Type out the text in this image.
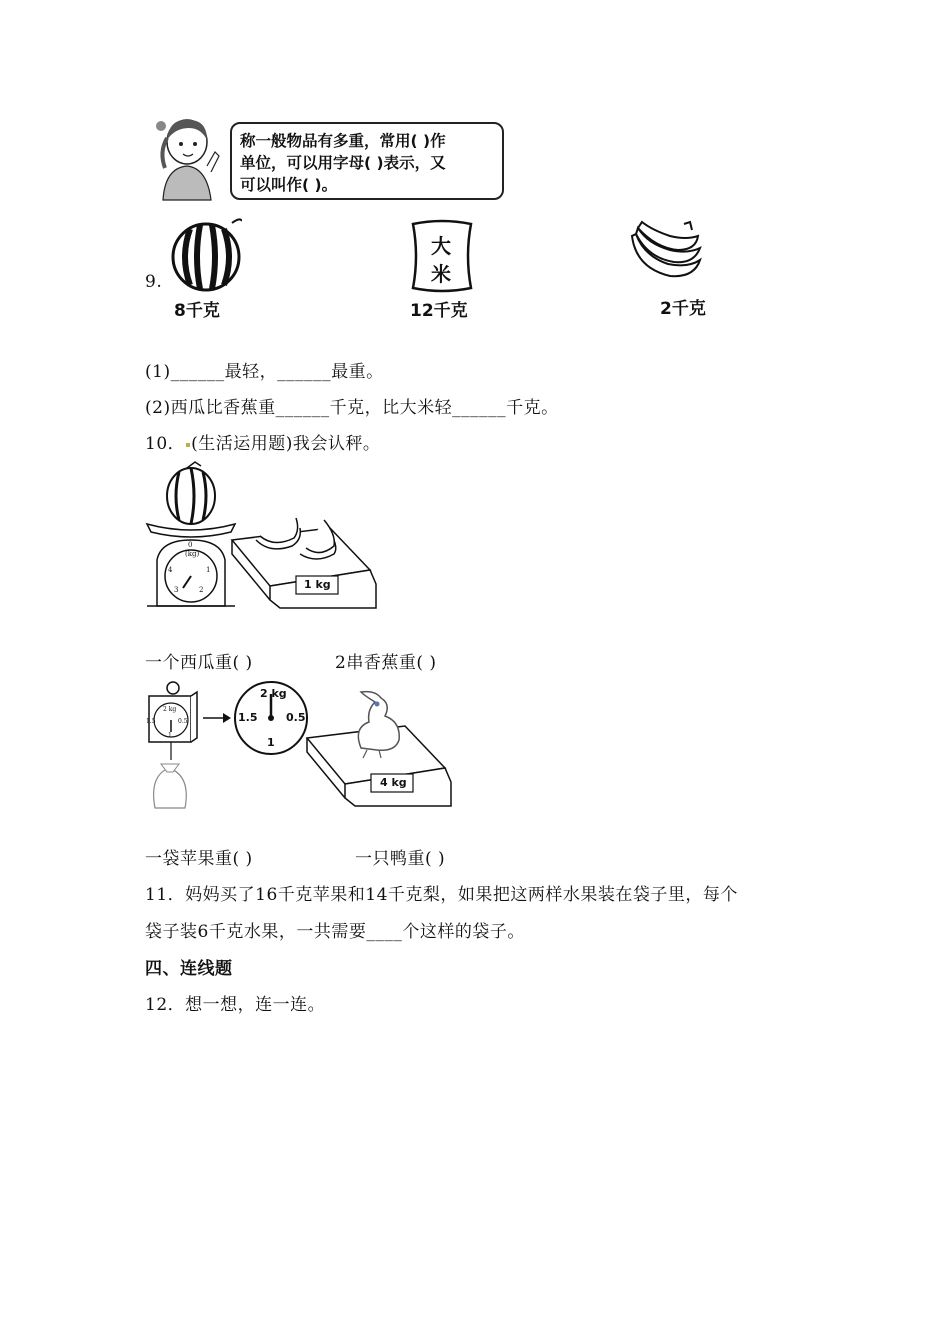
称一般物品有多重，常用( )作
单位，可以用字母( )表示，又
可以叫作( )。
9.
8千克
大
米
12千克	2千克
(1)______最轻，______最重。
(2)西瓜比香蕉重______千克，比大米轻______千克。
10． (生活运用题)我会认秤。
(kg)
0
1
2
3
4
1 kg
一个西瓜重( )	2串香蕉重( )
2 kg
1.5	0.5
1
2 kg
1.5	0.5
1
4 kg
一袋苹果重( )	一只鸭重( )
11．妈妈买了16千克苹果和14千克梨，如果把这两样水果装在袋子里，每个
袋子装6千克水果，一共需要____个这样的袋子。
四、连线题
12．想一想，连一连。
